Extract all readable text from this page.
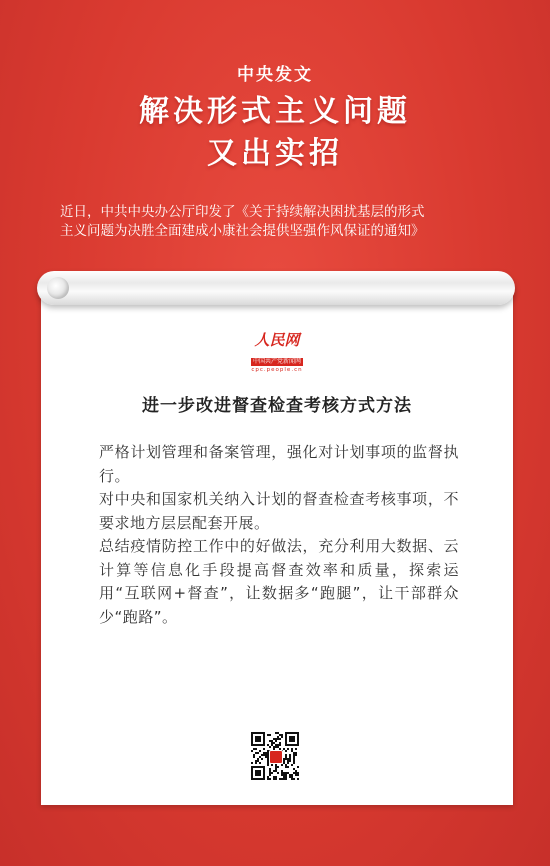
中央发文
解决形式主义问题
又出实招

近日，中共中央办公厅印发了《关于持续解决困扰基层的形式

主义问题为决胜全面建成小康社会提供坚强作风保证的通知》

人民网
中国共产党新闻网
cpc.people.cn
进一步改进督查检查考核方式方法

严格计划管理和备案管理，强化对计划事项的监督执行。

对中央和国家机关纳入计划的督查检查考核事项，不要求地方层层配套开展。

总结疫情防控工作中的好做法，充分利用大数据、云计算等信息化手段提高督查效率和质量，探索运用“互联网+督查”，让数据多“跑腿”，让干部群众少“跑路”。
